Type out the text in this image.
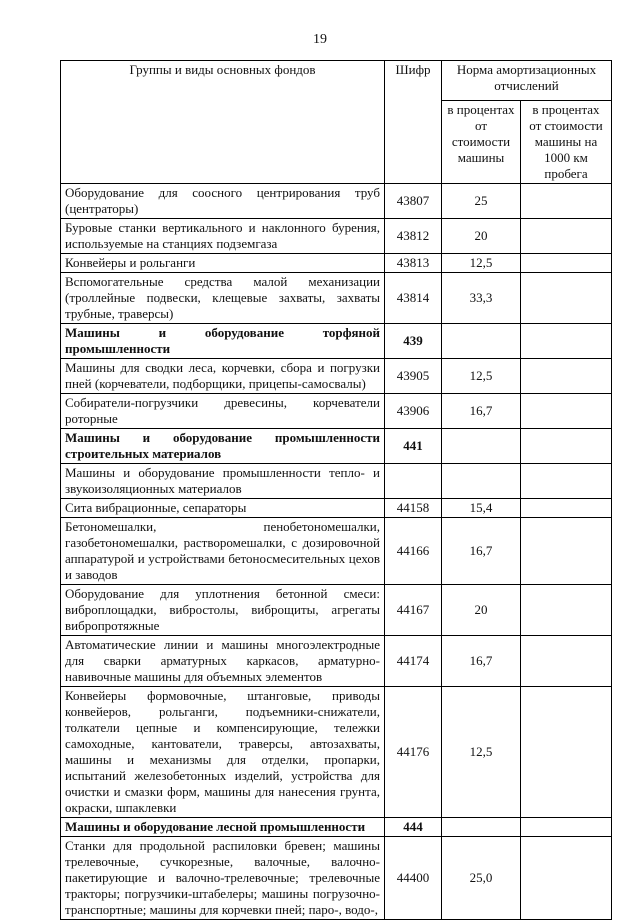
19
Группы и виды основных фондов	Шифр	Норма амортизационных отчислений	
		в процентах от стоимости машины	в процентах от стоимости машины на 1000 км пробега
Оборудование для соосного центрирования труб (центраторы)	43807	25	
Буровые станки вертикального и наклонного бурения, используемые на станциях подземгаза	43812	20	
Конвейеры и рольганги	43813	12,5	
Вспомогательные средства малой механизации (троллейные подвески, клещевые захваты, захваты трубные, траверсы)	43814	33,3	
Машины и оборудование торфяной промышленности	439		
Машины для сводки леса, корчевки, сбора и погрузки пней (корчеватели, подборщики, прицепы-самосвалы)	43905	12,5	
Собиратели-погрузчики древесины, корчеватели роторные	43906	16,7	
Машины и оборудование промышленности строительных материалов	441		
Машины и оборудование промышленности тепло- и звукоизоляционных материалов			
Сита вибрационные, сепараторы	44158	15,4	
Бетономешалки, пенобетономешалки, газобетономешалки, растворомешалки, с дозировочной аппаратурой и устройствами бетоносмесительных цехов и заводов	44166	16,7	
Оборудование для уплотнения бетонной смеси: виброплощадки, вибростолы, виброщиты, агрегаты вибропротяжные	44167	20	
Автоматические линии и машины многоэлектродные для сварки арматурных каркасов, арматурно-навивочные машины для объемных элементов	44174	16,7	
Конвейеры формовочные, штанговые, приводы конвейеров, рольганги, подъемники-снижатели, толкатели цепные и компенсирующие, тележки самоходные, кантователи, траверсы, автозахваты, машины и механизмы для отделки, пропарки, испытаний железобетонных изделий, устройства для очистки и смазки форм, машины для нанесения грунта, окраски, шпаклевки	44176	12,5	
Машины и оборудование лесной промышленности	444		
Станки для продольной распиловки бревен; машины трелевочные, сучкорезные, валочные, валочно-пакетирующие и валочно-трелевочные; трелевочные тракторы; погрузчики-штабелеры; машины погрузочно-транспортные; машины для корчевки пней; паро-, водо-,	44400	25,0	
